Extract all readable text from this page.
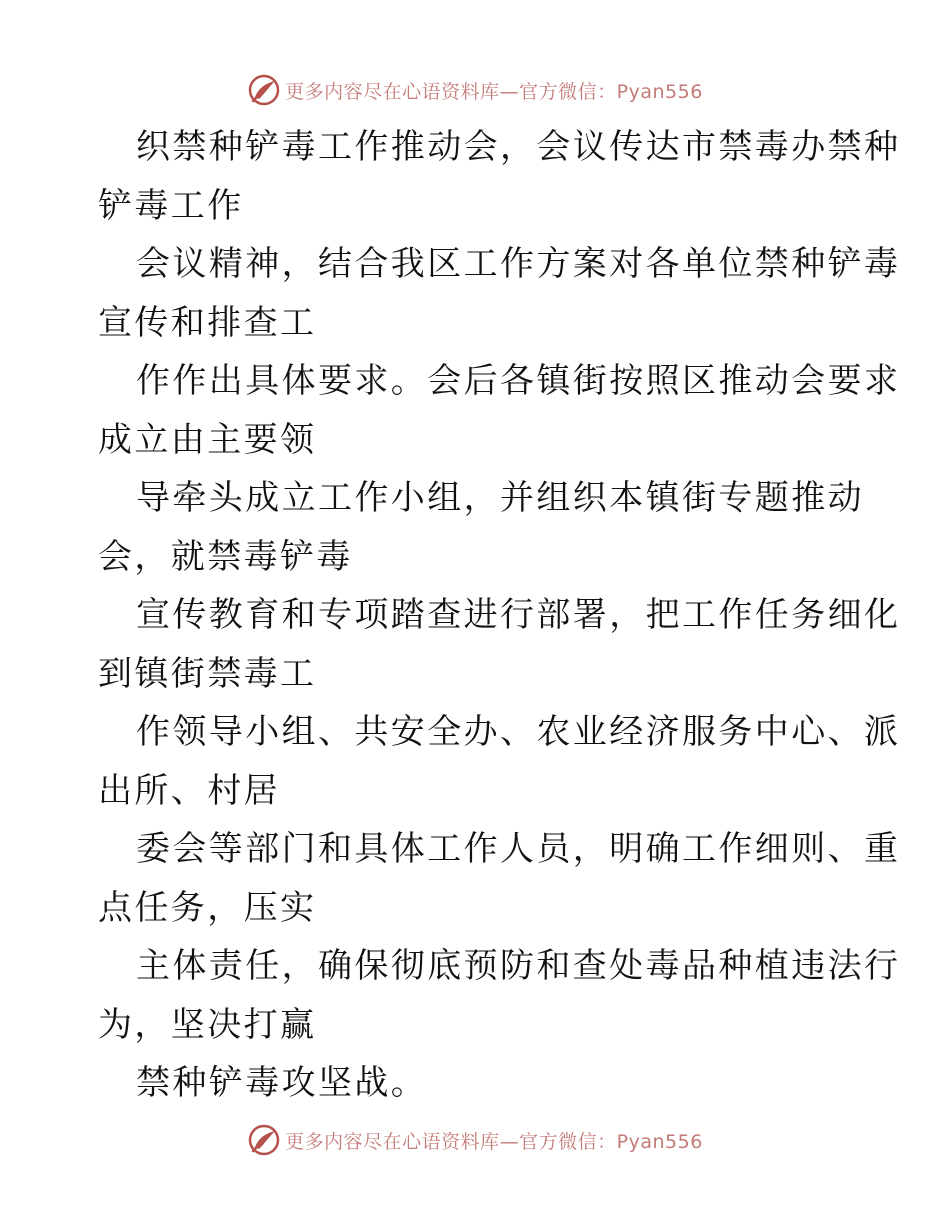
更多内容尽在心语资料库—官方微信：Pyan556

织禁种铲毒工作推动会，会议传达市禁毒办禁种

铲毒工作

会议精神，结合我区工作方案对各单位禁种铲毒

宣传和排查工

作作出具体要求。会后各镇街按照区推动会要求

成立由主要领

导牵头成立工作小组，并组织本镇街专题推动

会，就禁毒铲毒

宣传教育和专项踏查进行部署，把工作任务细化

到镇街禁毒工

作领导小组、共安全办、农业经济服务中心、派

出所、村居

委会等部门和具体工作人员，明确工作细则、重

点任务，压实

主体责任，确保彻底预防和查处毒品种植违法行

为，坚决打赢

禁种铲毒攻坚战。

更多内容尽在心语资料库—官方微信：Pyan556
